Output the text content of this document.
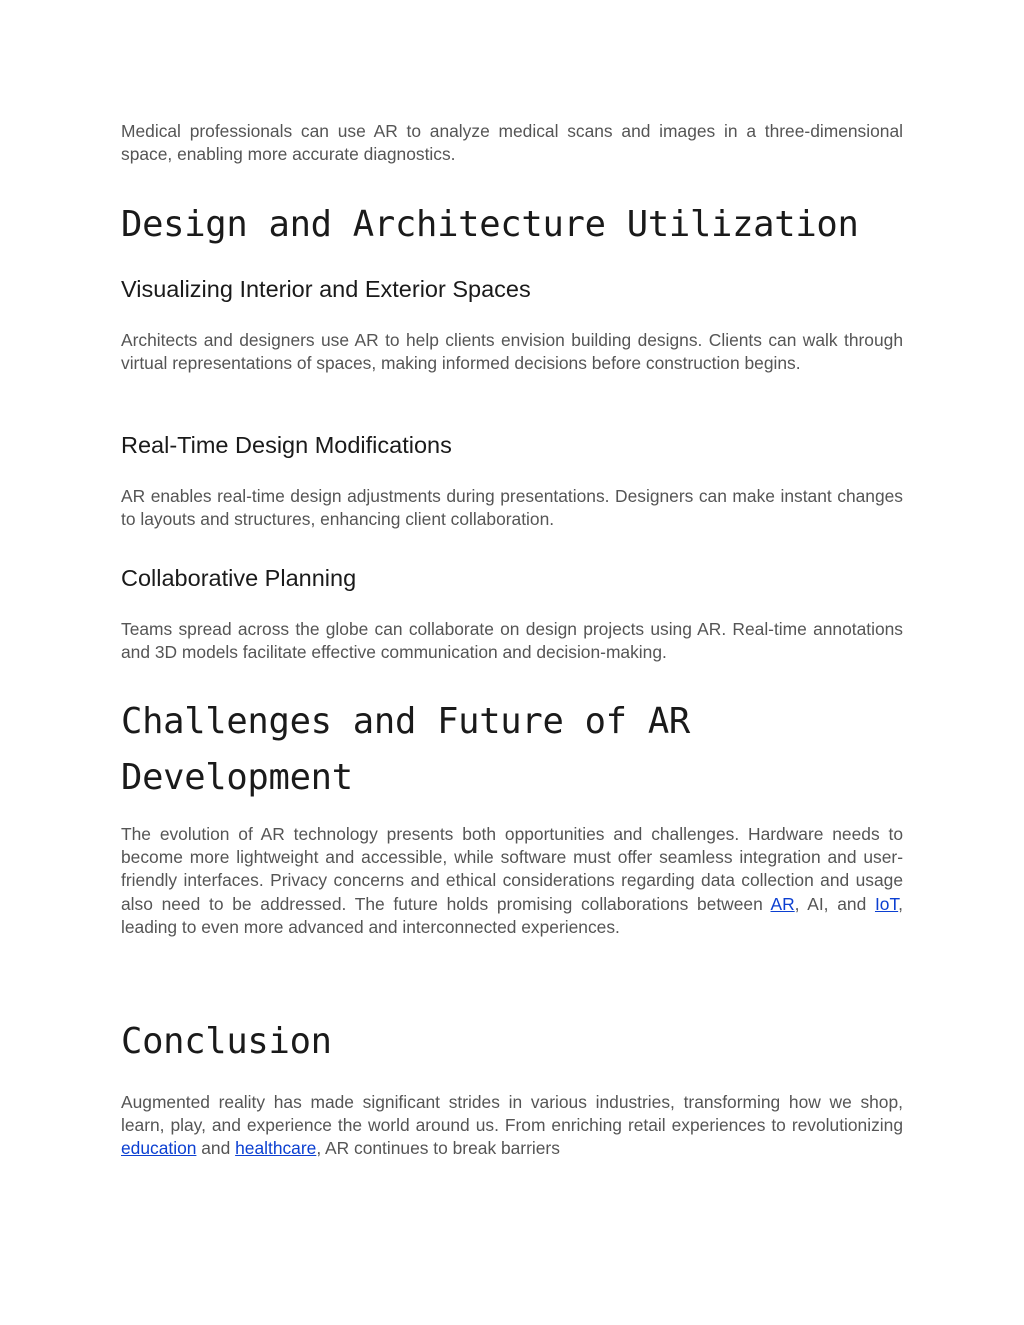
Medical professionals can use AR to analyze medical scans and images in a three-dimensional space, enabling more accurate diagnostics.

Design and Architecture Utilization
Visualizing Interior and Exterior Spaces

Architects and designers use AR to help clients envision building designs. Clients can walk through virtual representations of spaces, making informed decisions before construction begins.

Real-Time Design Modifications

AR enables real-time design adjustments during presentations. Designers can make instant changes to layouts and structures, enhancing client collaboration.

Collaborative Planning

Teams spread across the globe can collaborate on design projects using AR. Real-time annotations and 3D models facilitate effective communication and decision-making.

Challenges and Future of AR Development

The evolution of AR technology presents both opportunities and challenges. Hardware needs to become more lightweight and accessible, while software must offer seamless integration and user-friendly interfaces. Privacy concerns and ethical considerations regarding data collection and usage also need to be addressed. The future holds promising collaborations between AR, AI, and IoT, leading to even more advanced and interconnected experiences.

Conclusion

Augmented reality has made significant strides in various industries, transforming how we shop, learn, play, and experience the world around us. From enriching retail experiences to revolutionizing education and healthcare, AR continues to break barriers
